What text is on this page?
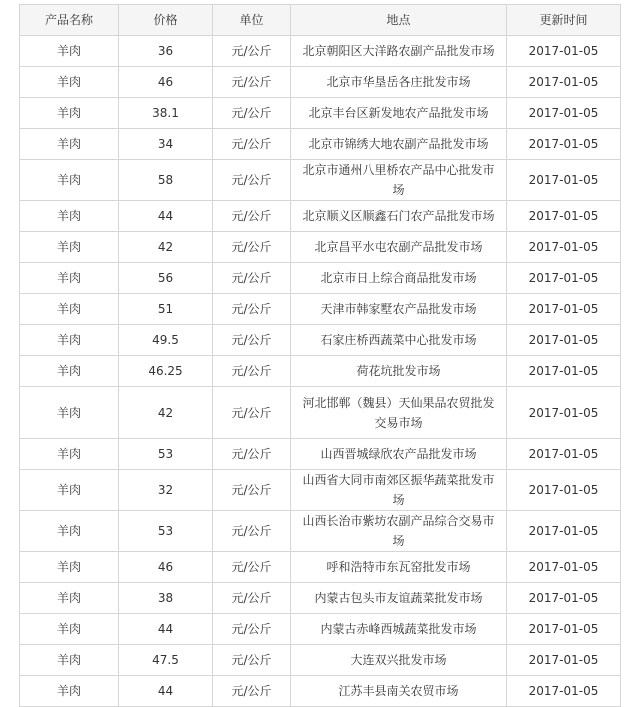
产品名称	价格	单位	地点	更新时间
羊肉	36	元/公斤	北京朝阳区大洋路农副产品批发市场	2017-01-05
羊肉	46	元/公斤	北京市华垦岳各庄批发市场	2017-01-05
羊肉	38.1	元/公斤	北京丰台区新发地农产品批发市场	2017-01-05
羊肉	34	元/公斤	北京市锦绣大地农副产品批发市场	2017-01-05
羊肉	58	元/公斤	北京市通州八里桥农产品中心批发市场	2017-01-05
羊肉	44	元/公斤	北京顺义区顺鑫石门农产品批发市场	2017-01-05
羊肉	42	元/公斤	北京昌平水屯农副产品批发市场	2017-01-05
羊肉	56	元/公斤	北京市日上综合商品批发市场	2017-01-05
羊肉	51	元/公斤	天津市韩家墅农产品批发市场	2017-01-05
羊肉	49.5	元/公斤	石家庄桥西蔬菜中心批发市场	2017-01-05
羊肉	46.25	元/公斤	荷花坑批发市场	2017-01-05
羊肉	42	元/公斤	河北邯郸（魏县）天仙果品农贸批发交易市场	2017-01-05
羊肉	53	元/公斤	山西晋城绿欣农产品批发市场	2017-01-05
羊肉	32	元/公斤	山西省大同市南郊区振华蔬菜批发市场	2017-01-05
羊肉	53	元/公斤	山西长治市紫坊农副产品综合交易市场	2017-01-05
羊肉	46	元/公斤	呼和浩特市东瓦窑批发市场	2017-01-05
羊肉	38	元/公斤	内蒙古包头市友谊蔬菜批发市场	2017-01-05
羊肉	44	元/公斤	内蒙古赤峰西城蔬菜批发市场	2017-01-05
羊肉	47.5	元/公斤	大连双兴批发市场	2017-01-05
羊肉	44	元/公斤	江苏丰县南关农贸市场	2017-01-05
